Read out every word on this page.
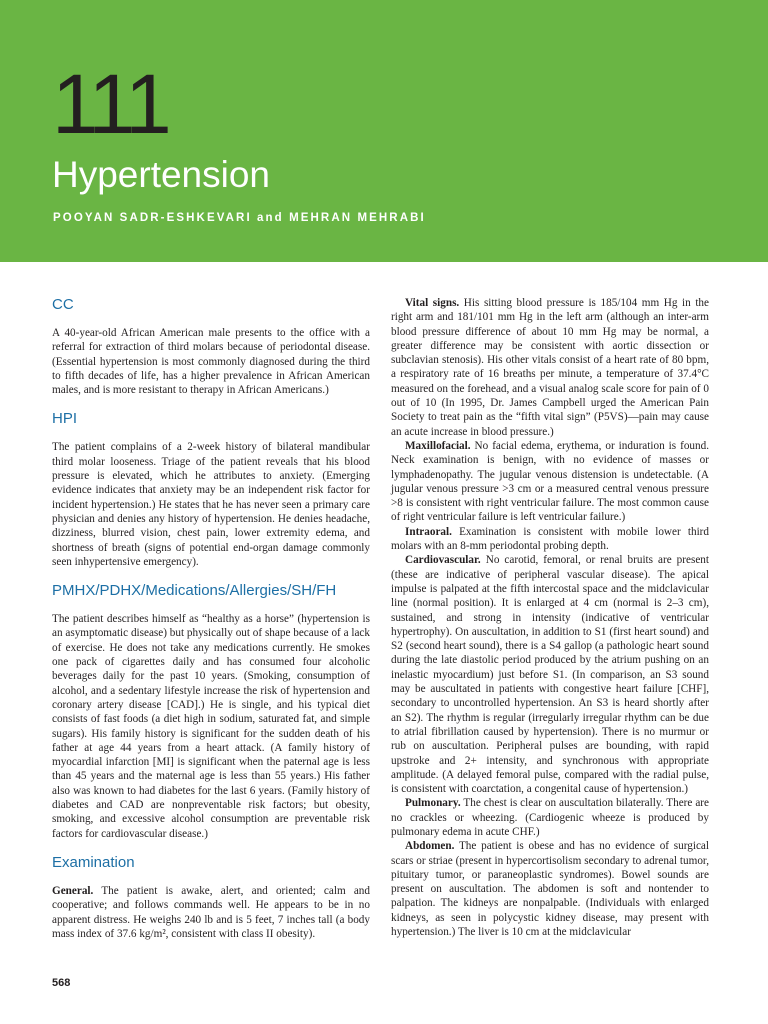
111
Hypertension
POOYAN SADR-ESHKEVARI and MEHRAN MEHRABI
CC

A 40-year-old African American male presents to the office with a referral for extraction of third molars because of periodontal disease. (Essential hypertension is most commonly diagnosed during the third to fifth decades of life, has a higher prevalence in African American males, and is more resistant to therapy in African Americans.)

HPI

The patient complains of a 2-week history of bilateral mandibular third molar looseness. Triage of the patient reveals that his blood pressure is elevated, which he attributes to anxiety. (Emerging evidence indicates that anxiety may be an independent risk factor for incident hypertension.) He states that he has never seen a primary care physician and denies any history of hypertension. He denies headache, dizziness, blurred vision, chest pain, lower extremity edema, and shortness of breath (signs of potential end-organ damage commonly seen inhypertensive emergency).

PMHX/PDHX/Medications/Allergies/SH/FH

The patient describes himself as “healthy as a horse” (hypertension is an asymptomatic disease) but physically out of shape because of a lack of exercise. He does not take any medications currently. He smokes one pack of cigarettes daily and has consumed four alcoholic beverages daily for the past 10 years. (Smoking, consumption of alcohol, and a sedentary lifestyle increase the risk of hypertension and coronary artery disease [CAD].) He is single, and his typical diet consists of fast foods (a diet high in sodium, saturated fat, and simple sugars). His family history is significant for the sudden death of his father at age 44 years from a heart attack. (A family history of myocardial infarction [MI] is significant when the paternal age is less than 45 years and the maternal age is less than 55 years.) His father also was known to had diabetes for the last 6 years. (Family history of diabetes and CAD are nonpreventable risk factors; but obesity, smoking, and excessive alcohol consumption are preventable risk factors for cardiovascular disease.)

Examination

General. The patient is awake, alert, and oriented; calm and cooperative; and follows commands well. He appears to be in no apparent distress. He weighs 240 lb and is 5 feet, 7 inches tall (a body mass index of 37.6 kg/m², consistent with class II obesity).

Vital signs. His sitting blood pressure is 185/104 mm Hg in the right arm and 181/101 mm Hg in the left arm (although an inter-arm blood pressure difference of about 10 mm Hg may be normal, a greater difference may be consistent with aortic dissection or subclavian stenosis). His other vitals consist of a heart rate of 80 bpm, a respiratory rate of 16 breaths per minute, a temperature of 37.4°C measured on the forehead, and a visual analog scale score for pain of 0 out of 10 (In 1995, Dr. James Campbell urged the American Pain Society to treat pain as the “fifth vital sign” (P5VS)—pain may cause an acute increase in blood pressure.)

Maxillofacial. No facial edema, erythema, or induration is found. Neck examination is benign, with no evidence of masses or lymphadenopathy. The jugular venous distension is undetectable. (A jugular venous pressure >3 cm or a measured central venous pressure >8 is consistent with right ventricular failure. The most common cause of right ventricular failure is left ventricular failure.)

Intraoral. Examination is consistent with mobile lower third molars with an 8-mm periodontal probing depth.

Cardiovascular. No carotid, femoral, or renal bruits are present (these are indicative of peripheral vascular disease). The apical impulse is palpated at the fifth intercostal space and the midclavicular line (normal position). It is enlarged at 4 cm (normal is 2–3 cm), sustained, and strong in intensity (indicative of ventricular hypertrophy). On auscultation, in addition to S1 (first heart sound) and S2 (second heart sound), there is a S4 gallop (a pathologic heart sound during the late diastolic period produced by the atrium pushing on an inelastic myocardium) just before S1. (In comparison, an S3 sound may be auscultated in patients with congestive heart failure [CHF], secondary to uncontrolled hypertension. An S3 is heard shortly after an S2). The rhythm is regular (irregularly irregular rhythm can be due to atrial fibrillation caused by hypertension). There is no murmur or rub on auscultation. Peripheral pulses are bounding, with rapid upstroke and 2+ intensity, and synchronous with appropriate amplitude. (A delayed femoral pulse, compared with the radial pulse, is consistent with coarctation, a congenital cause of hypertension.)

Pulmonary. The chest is clear on auscultation bilaterally. There are no crackles or wheezing. (Cardiogenic wheeze is produced by pulmonary edema in acute CHF.)

Abdomen. The patient is obese and has no evidence of surgical scars or striae (present in hypercortisolism secondary to adrenal tumor, pituitary tumor, or paraneoplastic syndromes). Bowel sounds are present on auscultation. The abdomen is soft and nontender to palpation. The kidneys are nonpalpable. (Individuals with enlarged kidneys, as seen in polycystic kidney disease, may present with hypertension.) The liver is 10 cm at the midclavicular

568
